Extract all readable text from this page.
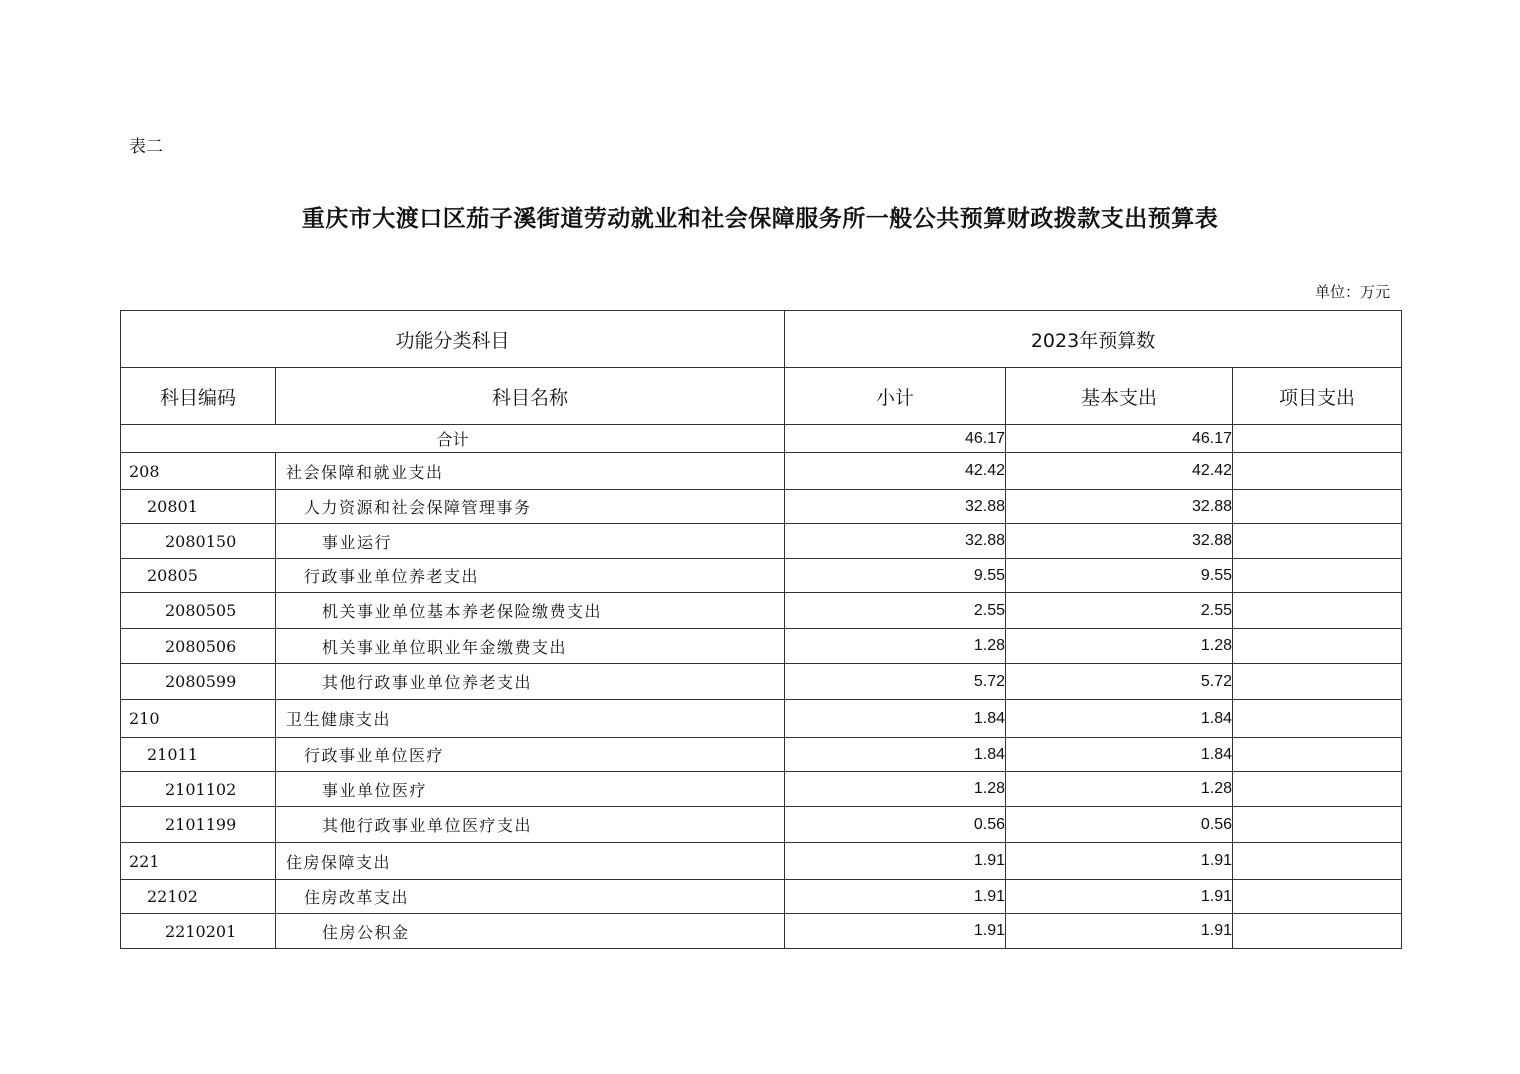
表二
重庆市大渡口区茄子溪街道劳动就业和社会保障服务所一般公共预算财政拨款支出预算表
单位：万元
功能分类科目		2023年预算数		
科目编码	科目名称	小计	基本支出	项目支出
合计		46.17	46.17	
208	社会保障和就业支出	42.42	42.42	
20801	人力资源和社会保障管理事务	32.88	32.88	
2080150	事业运行	32.88	32.88	
20805	行政事业单位养老支出	9.55	9.55	
2080505	机关事业单位基本养老保险缴费支出	2.55	2.55	
2080506	机关事业单位职业年金缴费支出	1.28	1.28	
2080599	其他行政事业单位养老支出	5.72	5.72	
210	卫生健康支出	1.84	1.84	
21011	行政事业单位医疗	1.84	1.84	
2101102	事业单位医疗	1.28	1.28	
2101199	其他行政事业单位医疗支出	0.56	0.56	
221	住房保障支出	1.91	1.91	
22102	住房改革支出	1.91	1.91	
2210201	住房公积金	1.91	1.91	
